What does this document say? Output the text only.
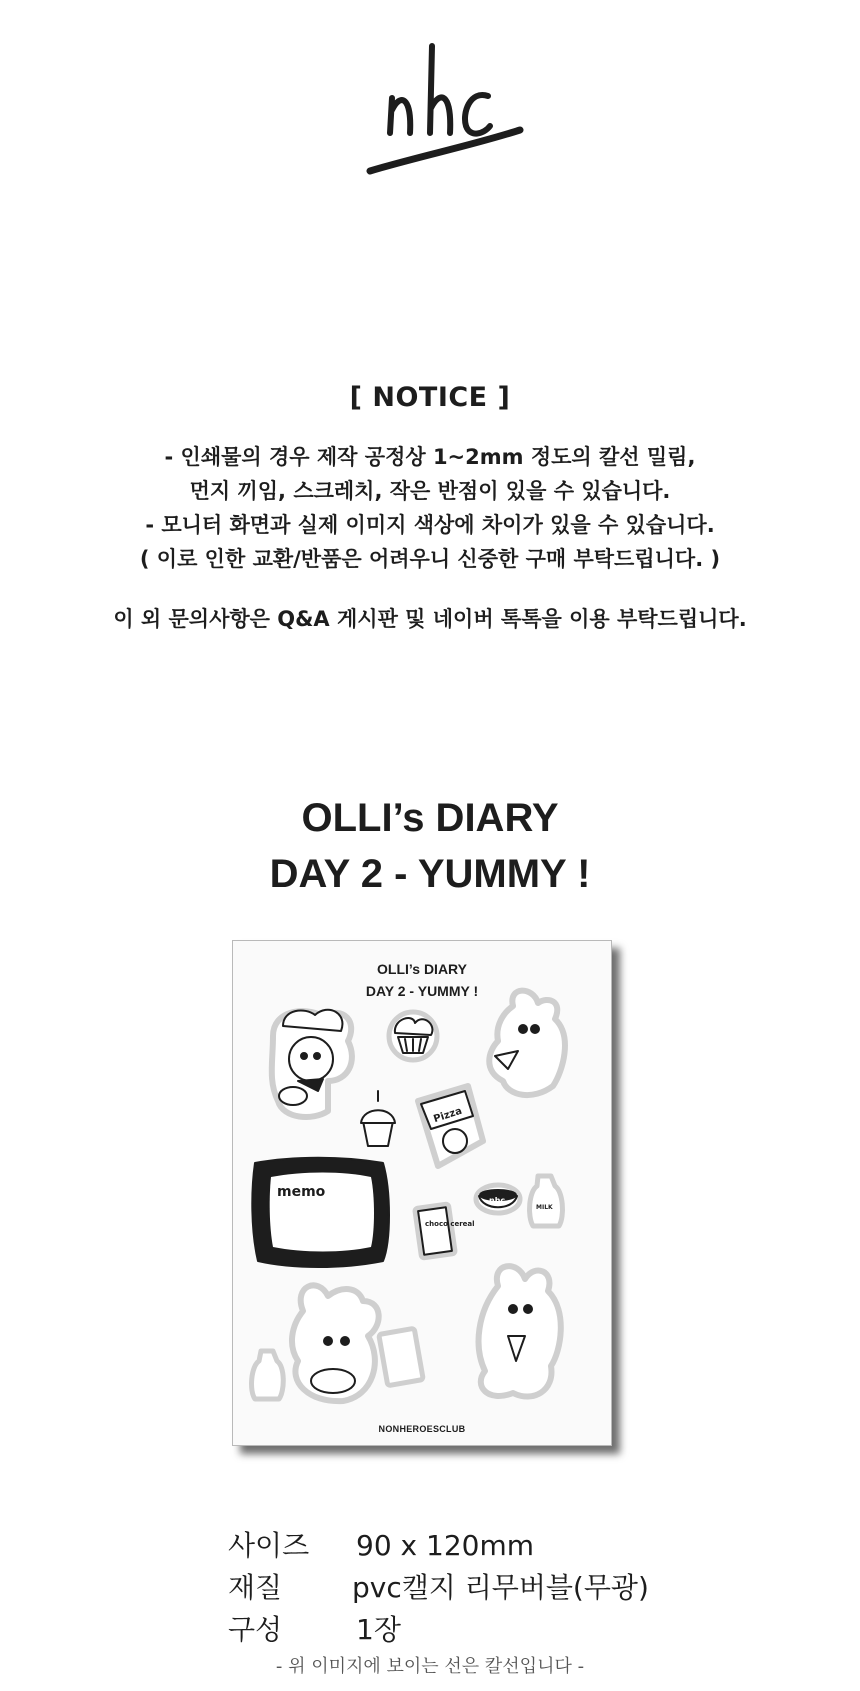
[ NOTICE ]
- 인쇄물의 경우 제작 공정상 1~2mm 정도의 칼선 밀림,
먼지 끼임, 스크레치, 작은 반점이 있을 수 있습니다.
- 모니터 화면과 실제 이미지 색상에 차이가 있을 수 있습니다.
( 이로 인한 교환/반품은 어려우니 신중한 구매 부탁드립니다. )
이 외 문의사항은 Q&A 게시판 및 네이버 톡톡을 이용 부탁드립니다.
OLLI’s DIARY
DAY 2 - YUMMY !
OLLI’s DIARY
DAY 2 - YUMMY !
memo
Pizza
choco cereal
nhc
MILK
NONHEROESCLUB
사이즈 90 x 120mm
재질 pvc캘지 리무버블(무광)
구성	1장
- 위 이미지에 보이는 선은 칼선입니다 -
